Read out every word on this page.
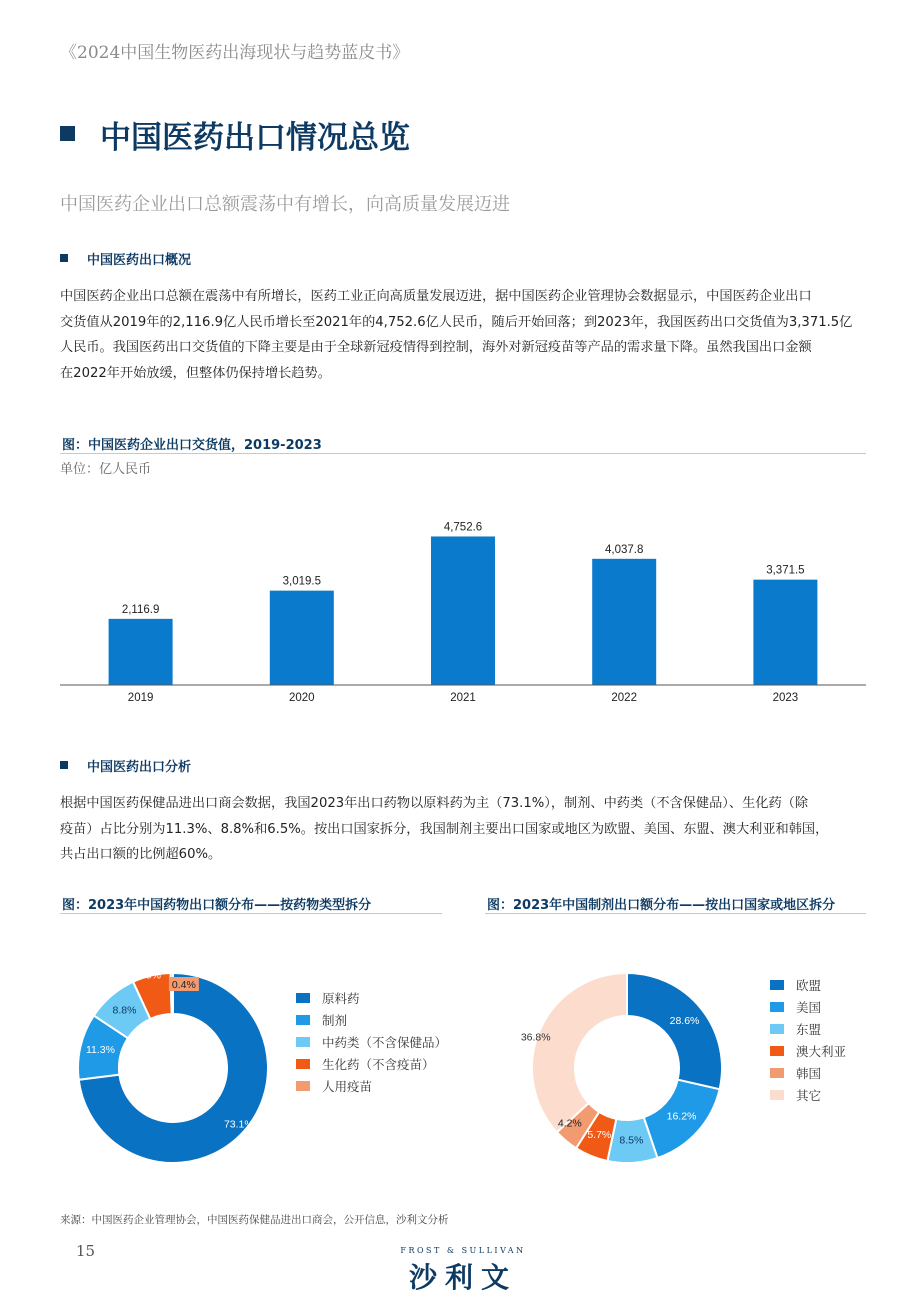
《2024中国生物医药出海现状与趋势蓝皮书》
中国医药出口情况总览
中国医药企业出口总额震荡中有增长，向高质量发展迈进
中国医药出口概况
中国医药企业出口总额在震荡中有所增长，医药工业正向高质量发展迈进，据中国医药企业管理协会数据显示，中国医药企业出口
交货值从2019年的2,116.9亿人民币增长至2021年的4,752.6亿人民币，随后开始回落；到2023年，我国医药出口交货值为3,371.5亿
人民币。我国医药出口交货值的下降主要是由于全球新冠疫情得到控制，海外对新冠疫苗等产品的需求量下降。虽然我国出口金额
在2022年开始放缓，但整体仍保持增长趋势。
图：中国医药企业出口交货值，2019-2023
单位：亿人民币
2,116.9
2019
3,019.5
2020
4,752.6
2021
4,037.8
2022
3,371.5
2023
中国医药出口分析
根据中国医药保健品进出口商会数据，我国2023年出口药物以原料药为主（73.1%），制剂、中药类（不含保健品）、生化药（除
疫苗）占比分别为11.3%、8.8%和6.5%。按出口国家拆分，我国制剂主要出口国家或地区为欧盟、美国、东盟、澳大利亚和韩国，
共占出口额的比例超60%。
图：2023年中国药物出口额分布——按药物类型拆分
73.1%
11.3%
8.8%
6.5%
0.4%
原料药
制剂
中药类（不含保健品）
生化药（不含疫苗）
人用疫苗
图：2023年中国制剂出口额分布——按出口国家或地区拆分
28.6%
16.2%
8.5%
5.7%
4.2%
36.8%
欧盟
美国
东盟
澳大利亚
韩国
其它
来源：中国医药企业管理协会，中国医药保健品进出口商会，公开信息，沙利文分析
15	FROST & SULLIVAN
沙利文
